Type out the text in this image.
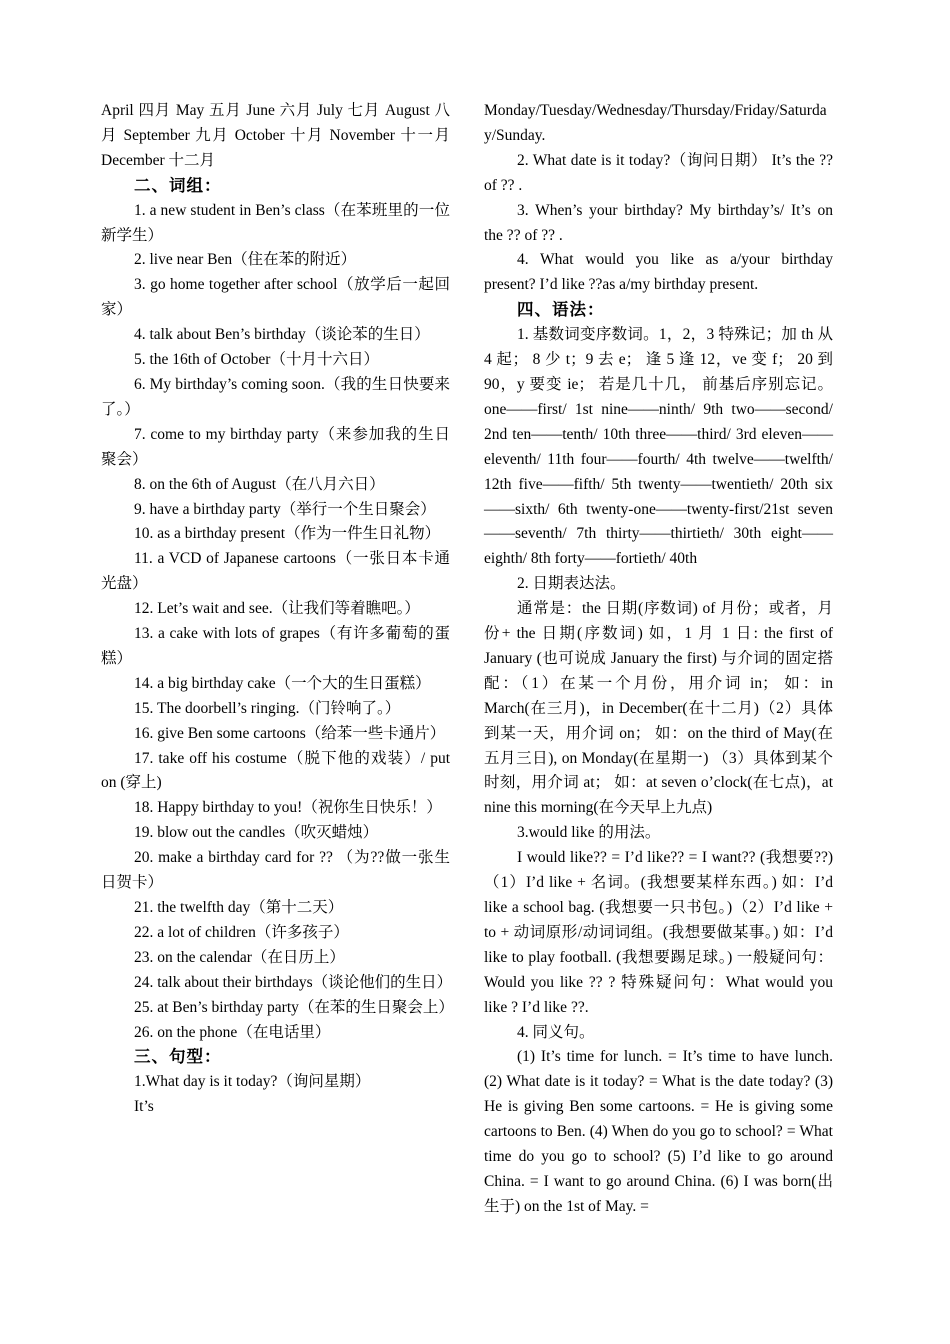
April 四月 May 五月 June 六月 July 七月 August 八月 September 九月 October 十月 November 十一月 December 十二月

二、词组：

1. a new student in Ben’s class（在苯班里的一位新学生）

2. live near Ben（住在苯的附近）

3. go home together after school（放学后一起回家）

4. talk about Ben’s birthday（谈论苯的生日）

5. the 16th of October（十月十六日）

6. My birthday’s coming soon.（我的生日快要来了。）

7. come to my birthday party（来参加我的生日聚会）

8. on the 6th of August（在八月六日）

9. have a birthday party（举行一个生日聚会）

10. as a birthday present（作为一件生日礼物）

11. a VCD of Japanese cartoons（一张日本卡通光盘）

12. Let’s wait and see.（让我们等着瞧吧。）

13. a cake with lots of grapes（有许多葡萄的蛋糕）

14. a big birthday cake（一个大的生日蛋糕）

15. The doorbell’s ringing.（门铃响了。）

16. give Ben some cartoons（给苯一些卡通片）

17. take off his costume（脱下他的戏装）/ put on (穿上)

18. Happy birthday to you!（祝你生日快乐！）

19. blow out the candles（吹灭蜡烛）

20. make a birthday card for ?? （为??做一张生日贺卡）

21. the twelfth day（第十二天）

22. a lot of children（许多孩子）

23. on the calendar（在日历上）

24. talk about their birthdays（谈论他们的生日）

25. at Ben’s birthday party（在苯的生日聚会上）

26. on the phone（在电话里）

三、句型：

1.What day is it today?（询问星期）

It’s

Monday/Tuesday/Wednesday/Thursday/Friday/Saturday/Sunday.

2. What date is it today?（询问日期） It’s the ?? of ?? .

3. When’s your birthday? My birthday’s/ It’s on the ?? of ?? .

4. What would you like as a/your birthday present? I’d like ??as a/my birthday present.

四、语法：

1. 基数词变序数词。1，2，3 特殊记；加 th 从 4 起； 8 少 t；9 去 e； 逢 5 逢 12，ve 变 f； 20 到 90，y 要变 ie； 若是几十几， 前基后序别忘记。 one——first/ 1st nine——ninth/ 9th two——second/ 2nd ten——tenth/ 10th three——third/ 3rd eleven——eleventh/ 11th four——fourth/ 4th twelve——twelfth/ 12th five——fifth/ 5th twenty——twentieth/ 20th six——sixth/ 6th twenty-one——twenty-first/21st seven——seventh/ 7th thirty——thirtieth/ 30th eight——eighth/ 8th forty——fortieth/ 40th

2. 日期表达法。

通常是：the 日期(序数词) of 月份；或者，月份+ the 日期(序数词) 如，1 月 1 日: the first of January (也可说成 January the first) 与介词的固定搭配：（1）在某一个月份，用介词 in； 如：in March(在三月)，in December(在十二月)（2）具体到某一天，用介词 on； 如：on the third of May(在五月三日), on Monday(在星期一) （3）具体到某个时刻，用介词 at； 如：at seven o’clock(在七点)，at nine this morning(在今天早上九点)

3.would like 的用法。

I would like?? = I’d like?? = I want?? (我想要??)（1）I’d like + 名词。(我想要某样东西。) 如：I’d like a school bag. (我想要一只书包。)（2）I’d like + to + 动词原形/动词词组。(我想要做某事。) 如：I’d like to play football. (我想要踢足球。) 一般疑问句：Would you like ?? ? 特殊疑问句：What would you like ? I’d like ??.

4. 同义句。

(1) It’s time for lunch. = It’s time to have lunch. (2) What date is it today? = What is the date today? (3) He is giving Ben some cartoons. = He is giving some cartoons to Ben. (4) When do you go to school? = What time do you go to school? (5) I’d like to go around China. = I want to go around China. (6) I was born(出生于) on the 1st of May. =
